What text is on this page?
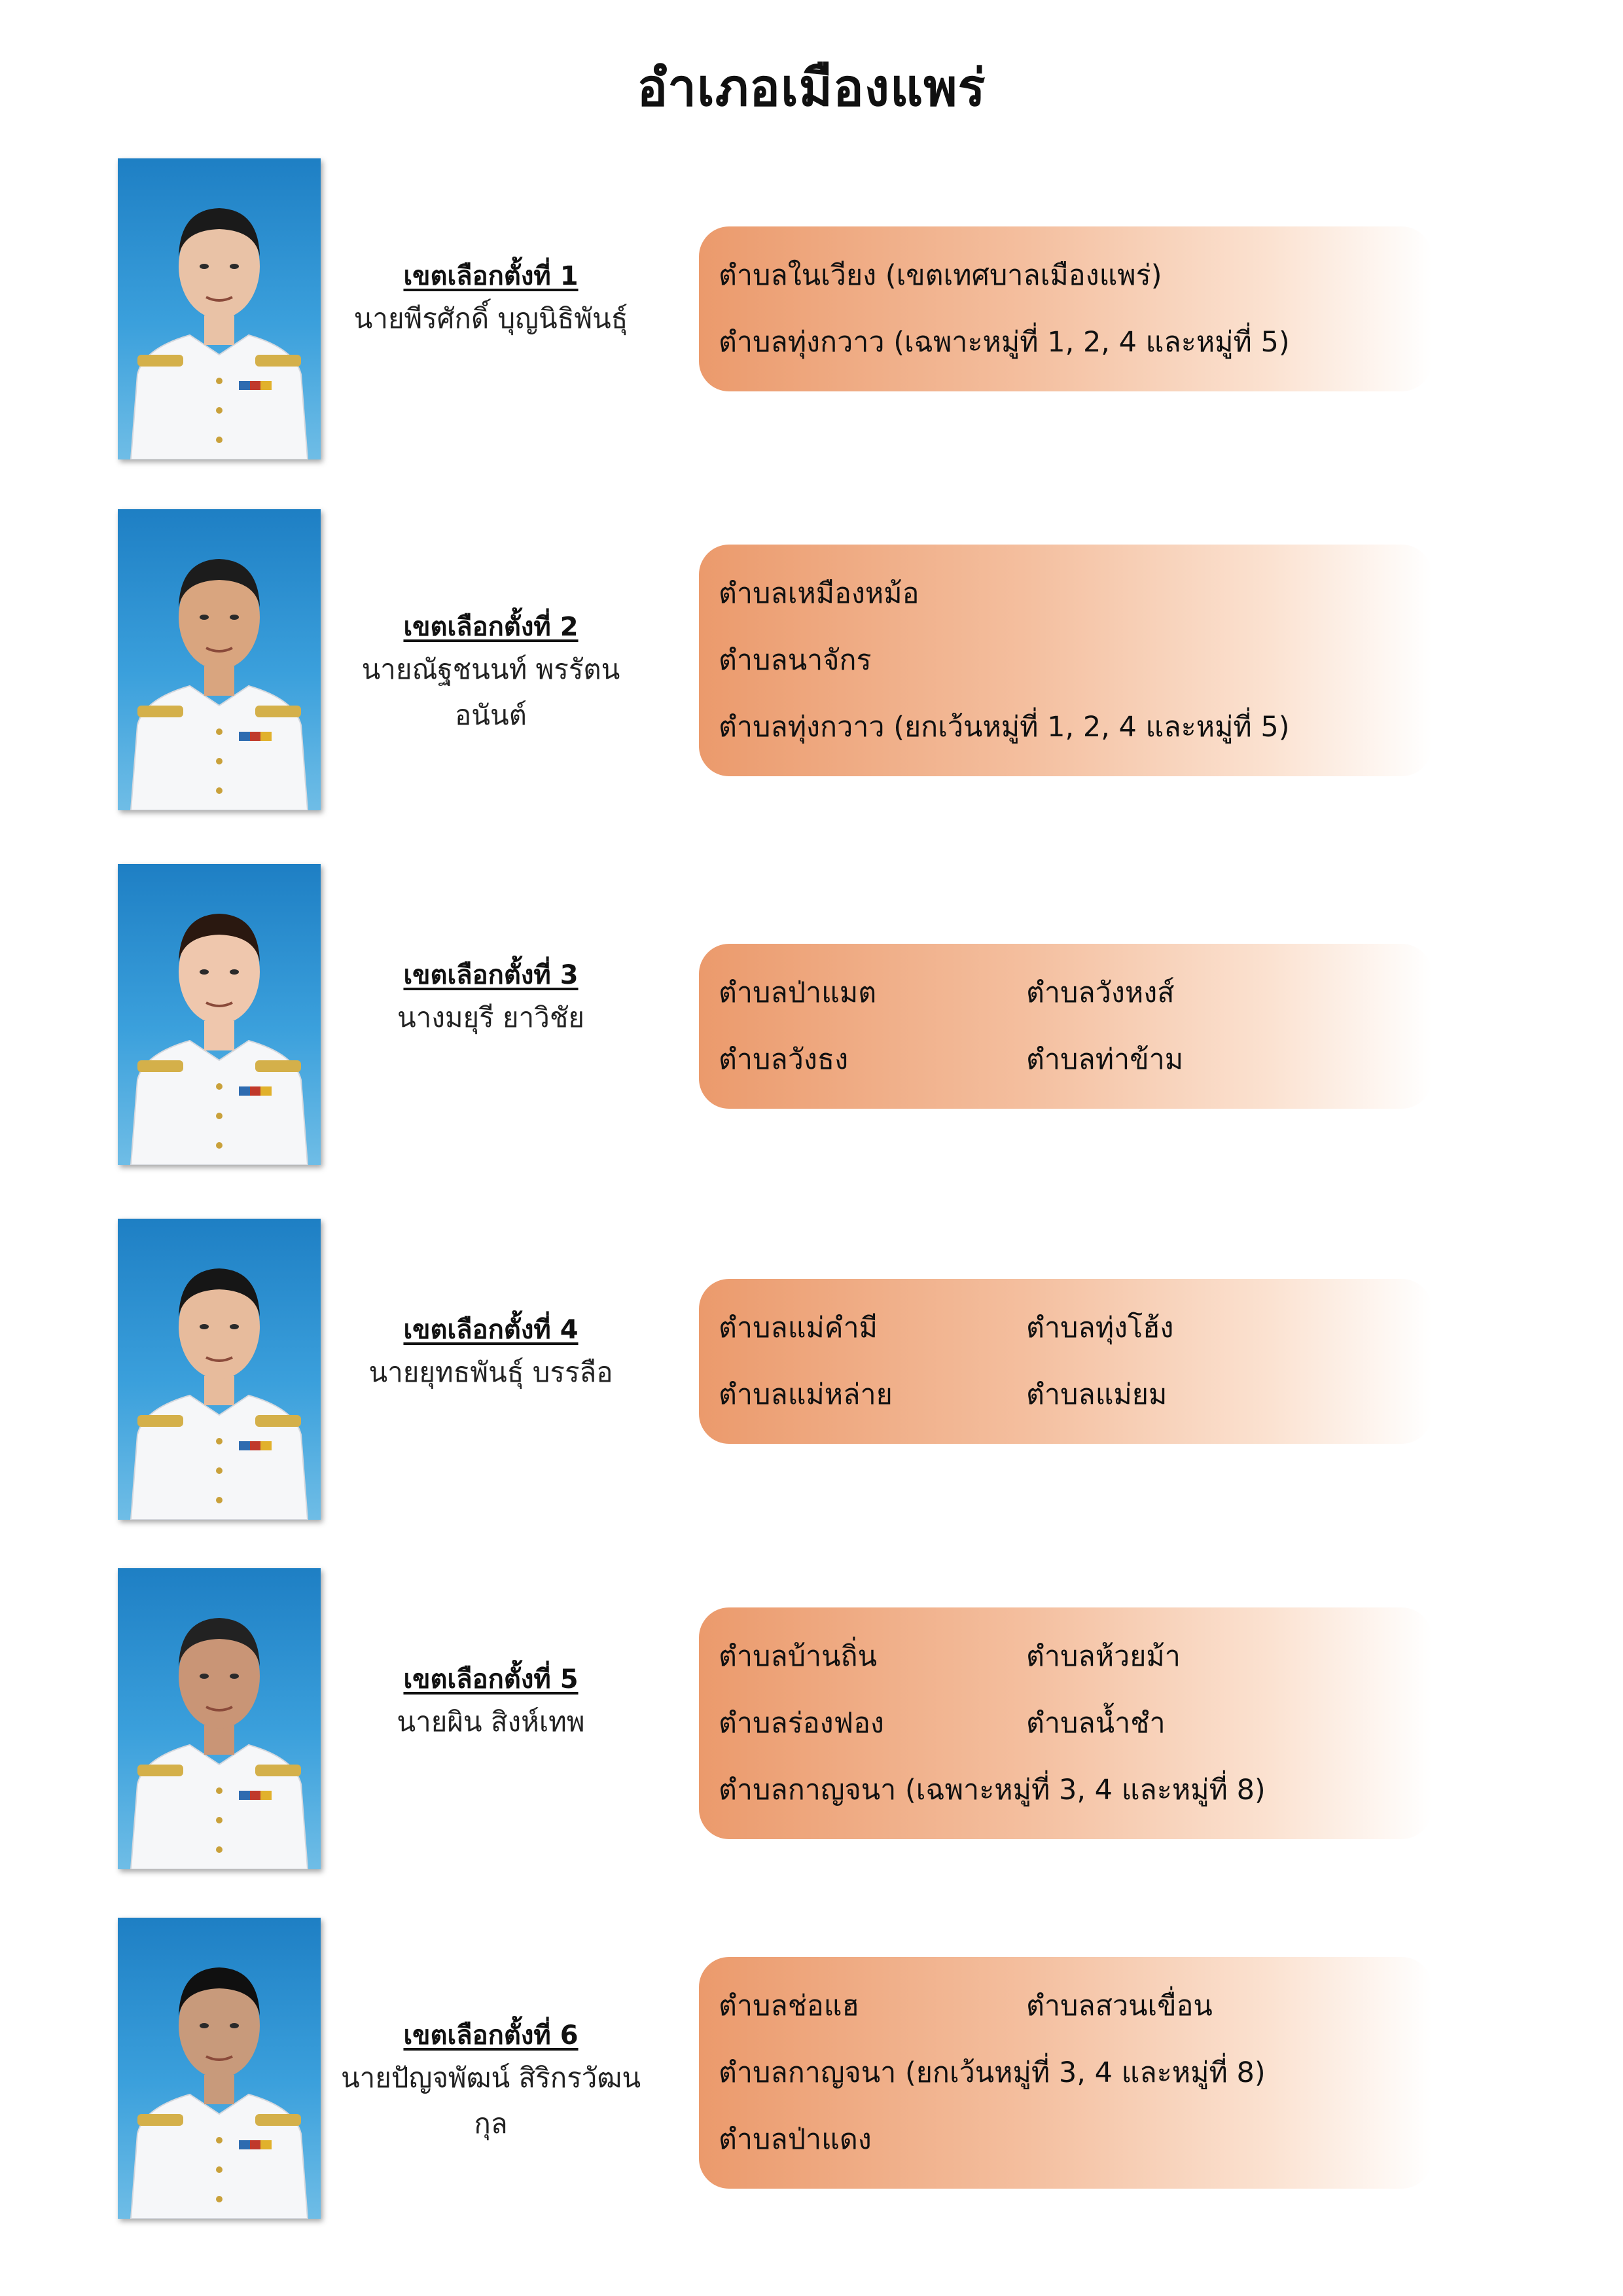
อำเภอเมืองแพร่
เขตเลือกตั้งที่ 1
นายพีรศักดิ์ บุญนิธิพันธุ์
ตำบลในเวียง (เขตเทศบาลเมืองแพร่)
ตำบลทุ่งกวาว (เฉพาะหมู่ที่ 1, 2, 4 และหมู่ที่ 5)
เขตเลือกตั้งที่ 2
นายณัฐชนนท์ พรรัตนอนันต์
ตำบลเหมืองหม้อ
ตำบลนาจักร
ตำบลทุ่งกวาว (ยกเว้นหมู่ที่ 1, 2, 4 และหมู่ที่ 5)
เขตเลือกตั้งที่ 3
นางมยุรี ยาวิชัย
ตำบลป่าแมต	ตำบลวังหงส์
ตำบลวังธง	ตำบลท่าข้าม
เขตเลือกตั้งที่ 4
นายยุทธพันธุ์ บรรลือ
ตำบลแม่คำมี	ตำบลทุ่งโฮ้ง
ตำบลแม่หล่าย	ตำบลแม่ยม
เขตเลือกตั้งที่ 5
นายผิน สิงห์เทพ
ตำบลบ้านถิ่น	ตำบลห้วยม้า
ตำบลร่องฟอง	ตำบลน้ำชำ
ตำบลกาญจนา (เฉพาะหมู่ที่ 3, 4 และหมู่ที่ 8)
เขตเลือกตั้งที่ 6
นายปัญจพัฒน์ สิริกรวัฒนกุล
ตำบลช่อแฮ	ตำบลสวนเขื่อน
ตำบลกาญจนา (ยกเว้นหมู่ที่ 3, 4 และหมู่ที่ 8)
ตำบลป่าแดง
